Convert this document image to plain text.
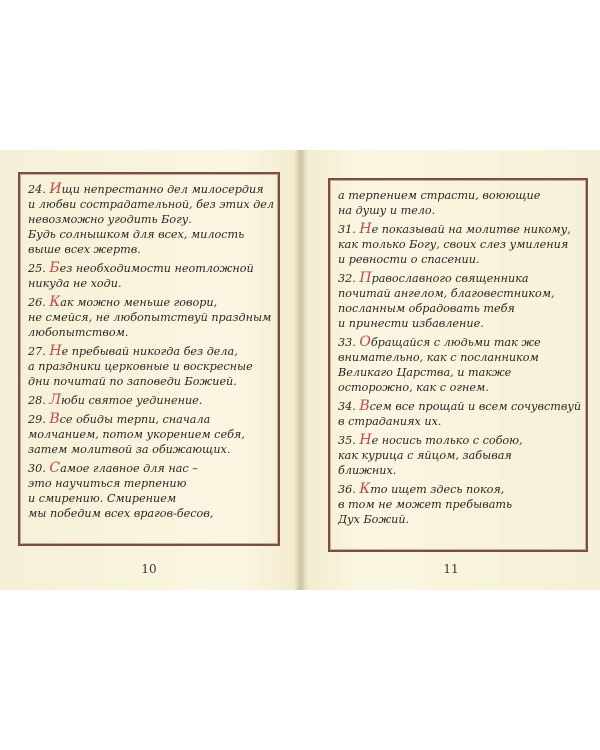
24. Ищи непрестанно дел милосердия
и любви сострадательной, без этих дел
невозможно угодить Богу.
Будь солнышком для всех, милость
выше всех жертв.
25. Без необходимости неотложной
никуда не ходи.
26. Как можно меньше говори,
не смейся, не любопытствуй праздным
любопытством.
27. Не пребывай никогда без дела,
а праздники церковные и воскресные
дни почитай по заповеди Божией.
28. Люби святое уединение.
29. Все обиды терпи, сначала
молчанием, потом укорением себя,
затем молитвой за обижающих.
30. Самое главное для нас –
это научиться терпению
и смирению. Смирением
мы победим всех врагов-бесов,
10
а терпением страсти, воюющие
на душу и тело.
31. Не показывай на молитве никому,
как только Богу, своих слез умиления
и ревности о спасении.
32. Православного священника
почитай ангелом, благовестником,
посланным обрадовать тебя
и принести избавление.
33. Обращайся с людьми так же
внимательно, как с посланником
Великаго Царства, и также
осторожно, как с огнем.
34. Всем все прощай и всем сочувствуй
в страданиях их.
35. Не носись только с собою,
как курица с яйцом, забывая
ближних.
36. Кто ищет здесь покоя,
в том не может пребывать
Дух Божий.
11
